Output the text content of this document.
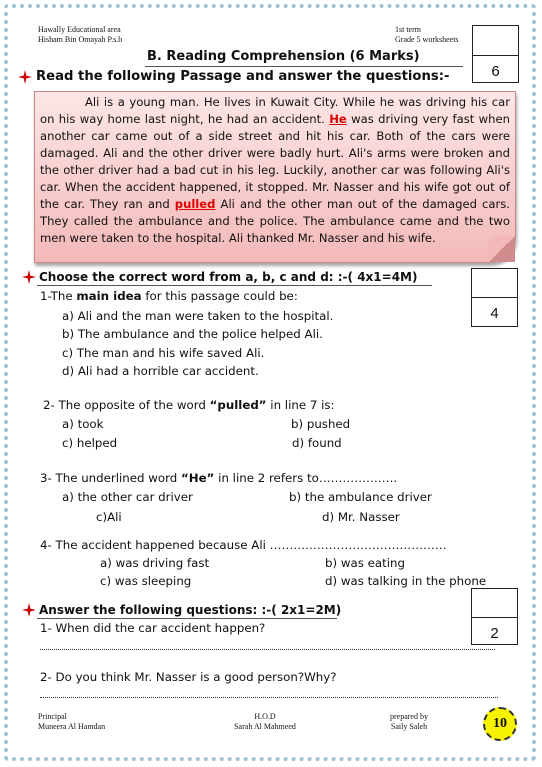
Hawally Educational area
Hisham Bin Omayah P.s.b
1st term
Grade 5 worksheets
6
B. Reading Comprehension (6 Marks)
Read the following Passage and answer the questions:-
Ali is a young man. He lives in Kuwait City. While he was driving his car on his way home last night, he had an accident. He was driving very fast when another car came out of a side street and hit his car. Both of the cars were damaged. Ali and the other driver were badly hurt. Ali's arms were broken and the other driver had a bad cut in his leg. Luckily, another car was following Ali's car. When the accident happened, it stopped. Mr. Nasser and his wife got out of the car. They ran and pulled Ali and the other man out of the damaged cars. They called the ambulance and the police. The ambulance came and the two men were taken to the hospital. Ali thanked Mr. Nasser and his wife.
Choose the correct word from a, b, c and d: :-( 4x1=4M)
4
1-The main idea for this passage could be:
a) Ali and the man were taken to the hospital.
b) The ambulance and the police helped Ali.
c) The man and his wife saved Ali.
d) Ali had a horrible car accident.
2- The opposite of the word “pulled” in line 7 is:
a) took	b) pushed
c) helped	d) found
3- The underlined word “He” in line 2 refers to………………..
a) the other car driver	b) the ambulance driver
c)Ali	d) Mr. Nasser
4- The accident happened because Ali ………………………………………
a) was driving fast	b) was eating
c) was sleeping	d) was talking in the phone
Answer the following questions: :-( 2x1=2M)
2
1- When did the car accident happen?
2- Do you think Mr. Nasser is a good person?Why?
Principal
Muneera Al Hamdan
H.O.D
Sarah Al Mahmeed
prepared by
Saily Saleh	10
